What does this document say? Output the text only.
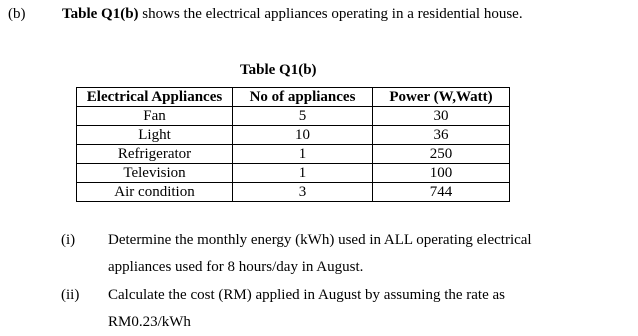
(b) Table Q1(b) shows the electrical appliances operating in a residential house.
Table Q1(b)
Electrical Appliances	No of appliances	Power (W,Watt)
Fan	5	30
Light	10	36
Refrigerator	1	250
Television	1	100
Air condition	3	744
(i) Determine the monthly energy (kWh) used in ALL operating electrical
appliances used for 8 hours/day in August.
(ii) Calculate the cost (RM) applied in August by assuming the rate as
RM0.23/kWh
